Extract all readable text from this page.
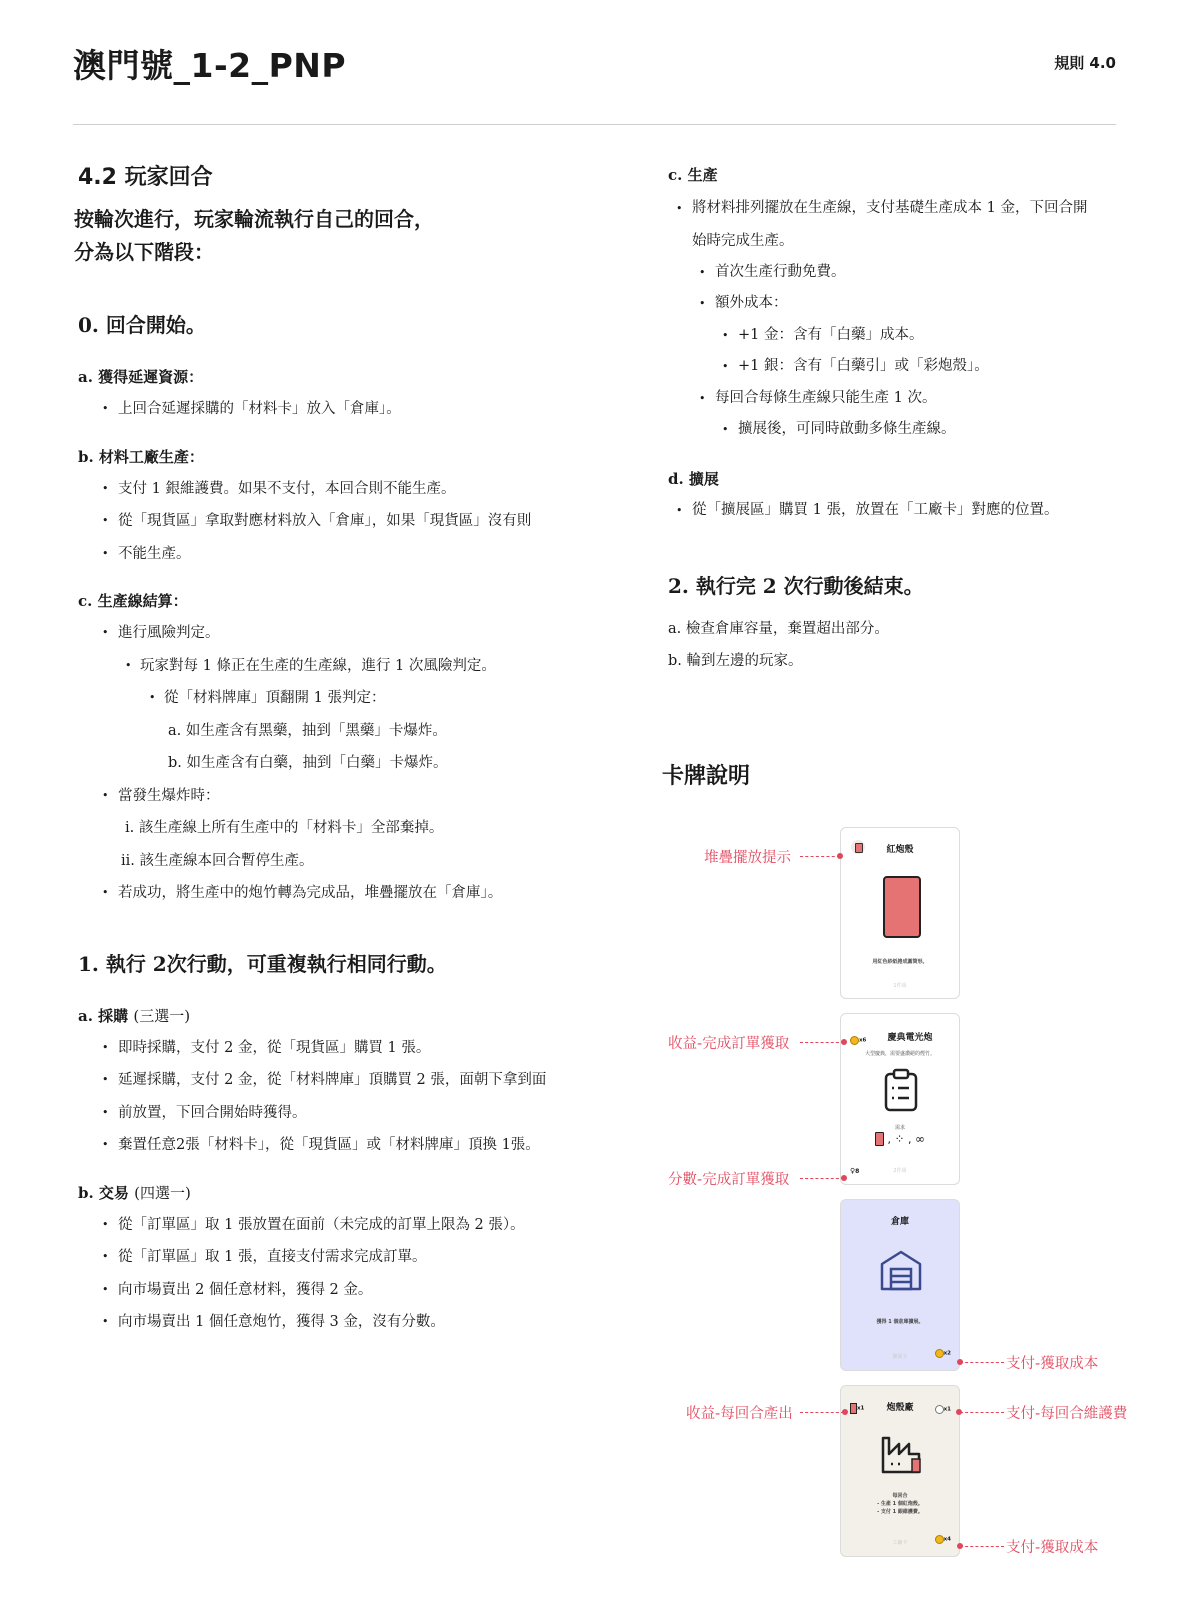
澳門號_1-2_PNP	規則 4.0
4.2 玩家回合
按輪次進行，玩家輪流執行自己的回合，
分為以下階段：
0. 回合開始。
a. 獲得延遲資源：
• 上回合延遲採購的「材料卡」放入「倉庫」。
b. 材料工廠生產：
• 支付 1 銀維護費。如果不支付，本回合則不能生產。
• 從「現貨區」拿取對應材料放入「倉庫」，如果「現貨區」沒有則
• 不能生產。
c. 生產線結算：
• 進行風險判定。
• 玩家對每 1 條正在生產的生產線，進行 1 次風險判定。
• 從「材料牌庫」頂翻開 1 張判定：
a. 如生產含有黑藥，抽到「黑藥」卡爆炸。
b. 如生產含有白藥，抽到「白藥」卡爆炸。
• 當發生爆炸時：
i. 該生產線上所有生產中的「材料卡」全部棄掉。
ii. 該生產線本回合暫停生產。
• 若成功，將生產中的炮竹轉為完成品，堆疊擺放在「倉庫」。
1. 執行 2次行動，可重複執行相同行動。
a. 採購 (三選一)
• 即時採購，支付 2 金，從「現貨區」購買 1 張。
• 延遲採購，支付 2 金，從「材料牌庫」頂購買 2 張，面朝下拿到面
• 前放置，下回合開始時獲得。
• 棄置任意2張「材料卡」，從「現貨區」或「材料牌庫」頂換 1張。
b. 交易 (四選一)
• 從「訂單區」取 1 張放置在面前（未完成的訂單上限為 2 張）。
• 從「訂單區」取 1 張，直接支付需求完成訂單。
• 向市場賣出 2 個任意材料，獲得 2 金。
• 向市場賣出 1 個任意炮竹，獲得 3 金，沒有分數。
c. 生產
• 將材料排列擺放在生產線，支付基礎生產成本 1 金，下回合開
始時完成生產。
• 首次生產行動免費。
• 額外成本：
• +1 金：含有「白藥」成本。
• +1 銀：含有「白藥引」或「彩炮殼」。
• 每回合每條生產線只能生產 1 次。
• 擴展後，可同時啟動多條生產線。
d. 擴展
• 從「擴展區」購買 1 張，放置在「工廠卡」對應的位置。
2. 執行完 2 次行動後結束。
a. 檢查倉庫容量，棄置超出部分。
b. 輪到左邊的玩家。
卡牌說明
紅炮殼
用紅色紗紙捲成圓筒形。
1件組
x6	慶典電光炮
大型慶典，需要盛讚絕的煙竹。
需求
, ⁘ , ∞
♀8	2件組
倉庫
獲得 1 個倉庫擴展。
擴展卡
x2
x1	炮殼廠	x1
每回合
- 生產 1 個紅炮殼。
- 支付 1 銀維護費。
工廠卡
x4
堆疊擺放提示
收益-完成訂單獲取
分數-完成訂單獲取
支付-獲取成本
收益-每回合產出	支付-每回合維護費
支付-獲取成本
